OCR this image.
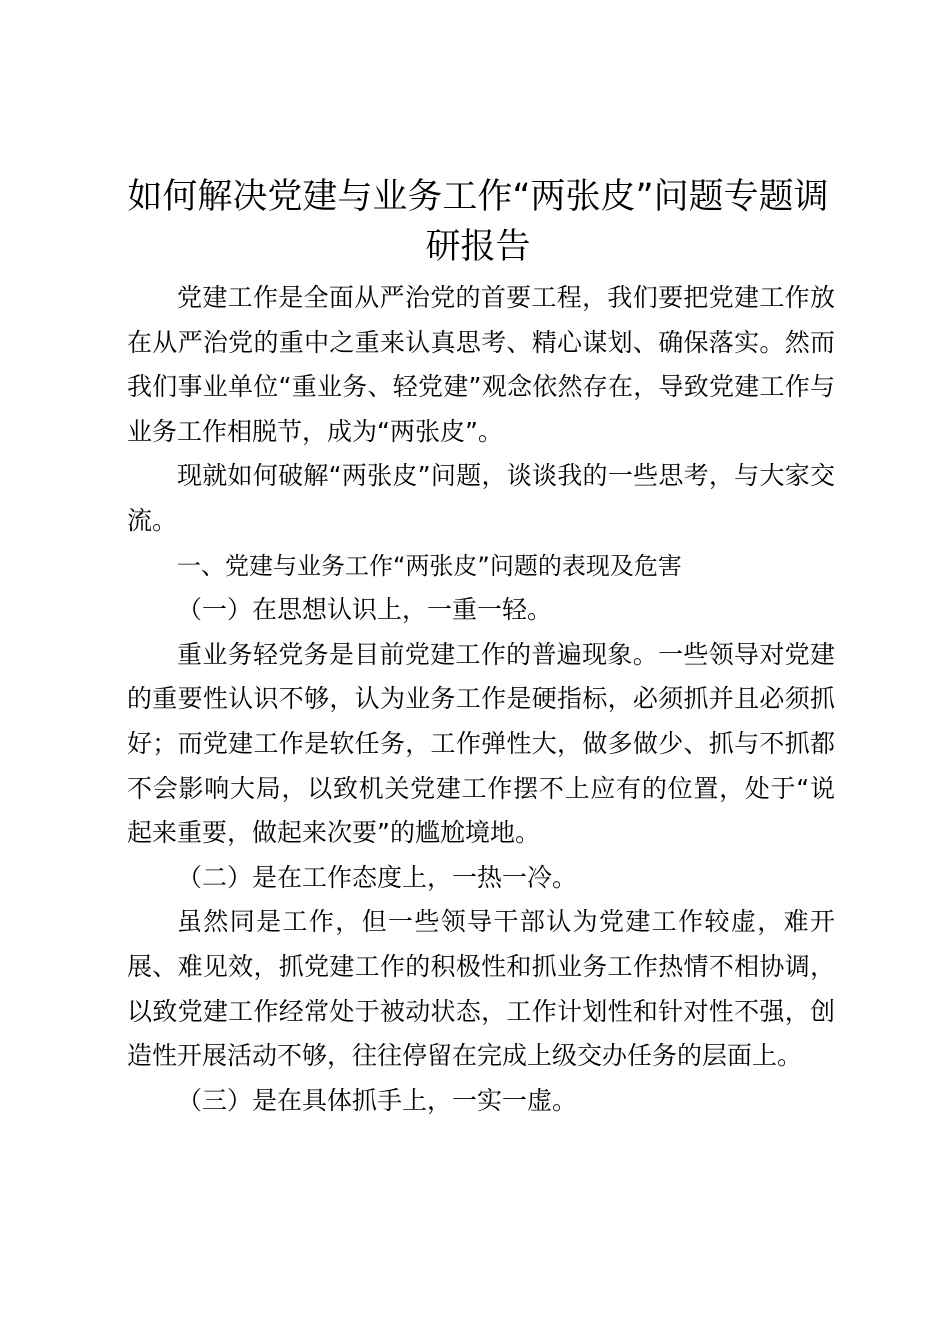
如何解决党建与业务工作“两张皮”问题专题调研报告

党建工作是全面从严治党的首要工程，我们要把党建工作放在从严治党的重中之重来认真思考、精心谋划、确保落实。然而我们事业单位“重业务、轻党建”观念依然存在，导致党建工作与业务工作相脱节，成为“两张皮”。

现就如何破解“两张皮”问题，谈谈我的一些思考，与大家交流。

一、党建与业务工作“两张皮”问题的表现及危害

（一）在思想认识上，一重一轻。

重业务轻党务是目前党建工作的普遍现象。一些领导对党建的重要性认识不够，认为业务工作是硬指标，必须抓并且必须抓好；而党建工作是软任务，工作弹性大，做多做少、抓与不抓都不会影响大局，以致机关党建工作摆不上应有的位置，处于“说起来重要，做起来次要”的尴尬境地。

（二）是在工作态度上，一热一冷。

虽然同是工作，但一些领导干部认为党建工作较虚，难开展、难见效，抓党建工作的积极性和抓业务工作热情不相协调，以致党建工作经常处于被动状态，工作计划性和针对性不强，创造性开展活动不够，往往停留在完成上级交办任务的层面上。

（三）是在具体抓手上，一实一虚。
